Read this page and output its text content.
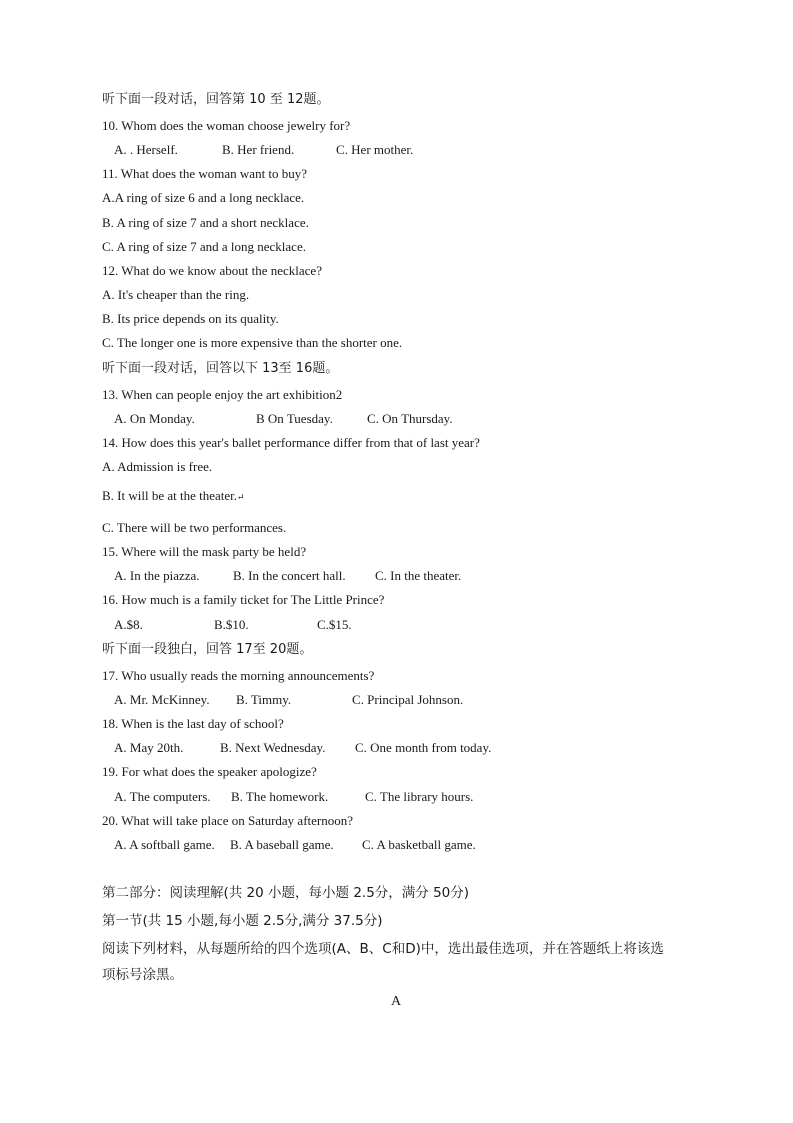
听下面一段对话，回答第 10 至 12题。
10. Whom does the woman choose jewelry for?
A. . Herself.	B. Her friend.	C. Her mother.
11. What does the woman want to buy?
A.A ring of size 6 and a long necklace.
B. A ring of size 7 and a short necklace.
C. A ring of size 7 and a long necklace.
12. What do we know about the necklace?
A. It's cheaper than the ring.
B. Its price depends on its quality.
C. The longer one is more expensive than the shorter one.
听下面一段对话，回答以下 13至 16题。
13. When can people enjoy the art exhibition2
A. On Monday.	B On Tuesday.	C. On Thursday.
14. How does this year's ballet performance differ from that of last year?
A. Admission is free.
B. It will be at the theater.↵
C. There will be two performances.
15. Where will the mask party be held?
A. In the piazza.	B. In the concert hall.	C. In the theater.
16. How much is a family ticket for The Little Prince?
A.$8.	B.$10.	C.$15.
听下面一段独白，回答 17至 20题。
17. Who usually reads the morning announcements?
A. Mr. McKinney.	B. Timmy.	C. Principal Johnson.
18. When is the last day of school?
A. May 20th.	B. Next Wednesday.	C. One month from today.
19. For what does the speaker apologize?
A. The computers.	B. The homework.	C. The library hours.
20. What will take place on Saturday afternoon?
A. A softball game.	B. A baseball game.	C. A basketball game.
第二部分：阅读理解(共 20 小题，每小题 2.5分，满分 50分)
第一节(共 15 小题,每小题 2.5分,满分 37.5分)
阅读下列材料，从每题所给的四个选项(A、B、C和D)中，选出最佳选项，并在答题纸上将该选
项标号涂黑。
A
